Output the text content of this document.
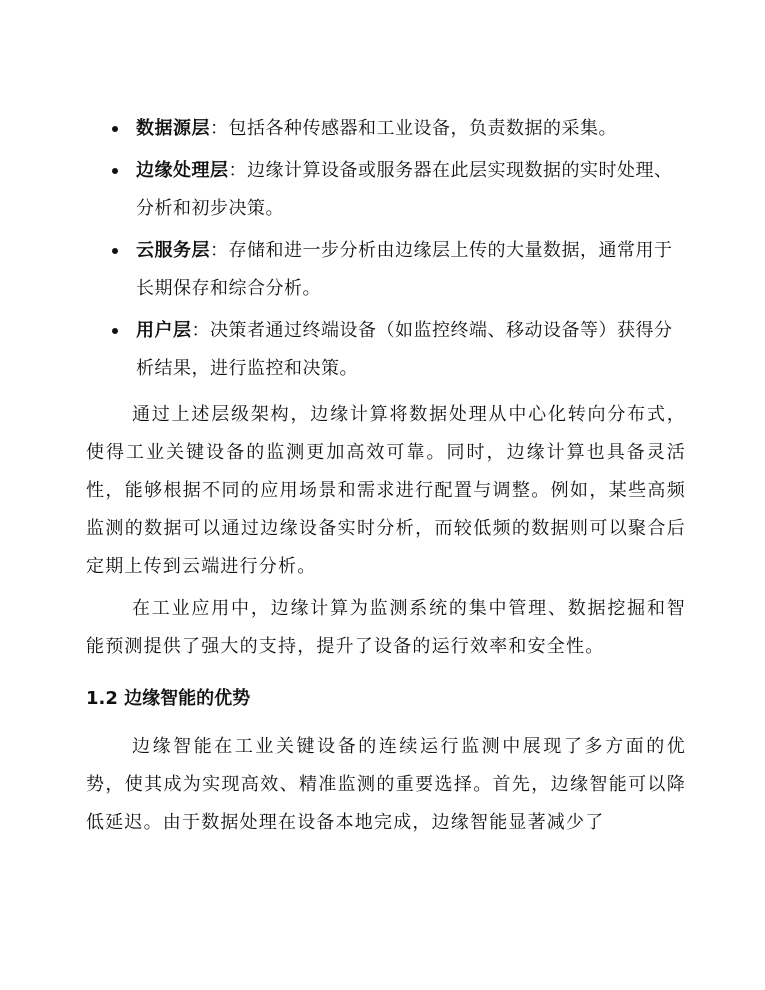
数据源层：包括各种传感器和工业设备，负责数据的采集。
边缘处理层：边缘计算设备或服务器在此层实现数据的实时处理、分析和初步决策。
云服务层：存储和进一步分析由边缘层上传的大量数据，通常用于长期保存和综合分析。
用户层：决策者通过终端设备（如监控终端、移动设备等）获得分析结果，进行监控和决策。

通过上述层级架构，边缘计算将数据处理从中心化转向分布式，使得工业关键设备的监测更加高效可靠。同时，边缘计算也具备灵活性，能够根据不同的应用场景和需求进行配置与调整。例如，某些高频监测的数据可以通过边缘设备实时分析，而较低频的数据则可以聚合后定期上传到云端进行分析。

在工业应用中，边缘计算为监测系统的集中管理、数据挖掘和智能预测提供了强大的支持，提升了设备的运行效率和安全性。

1.2 边缘智能的优势

边缘智能在工业关键设备的连续运行监测中展现了多方面的优势，使其成为实现高效、精准监测的重要选择。首先，边缘智能可以降低延迟。由于数据处理在设备本地完成，边缘智能显著减少了
